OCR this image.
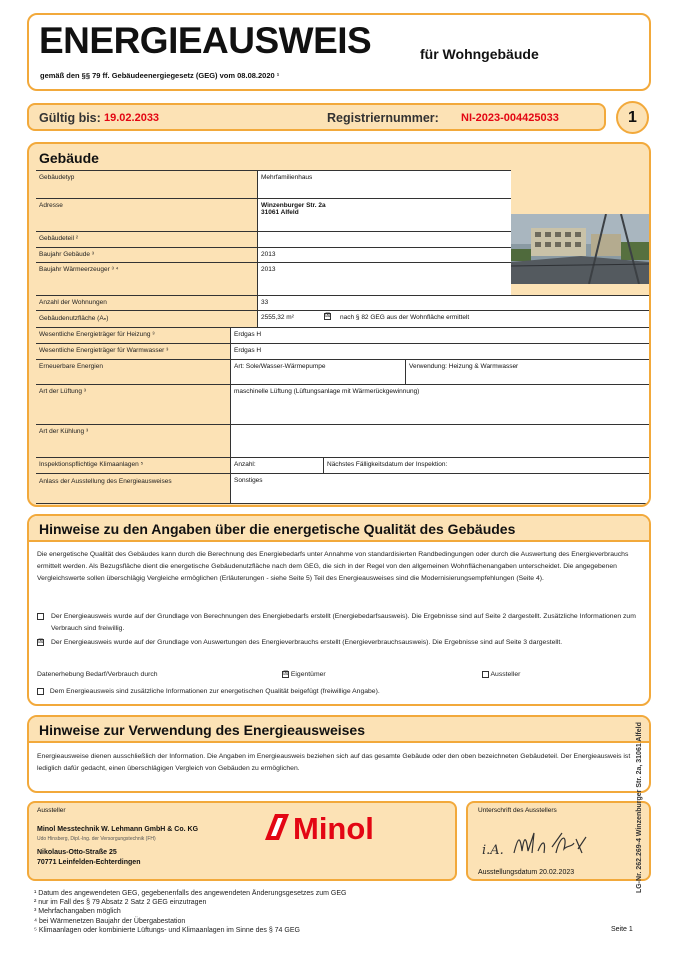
ENERGIEAUSWEIS	für Wohngebäude
gemäß den §§ 79 ff. Gebäudeenergiegesetz (GEG) vom 08.08.2020 ¹
Gültig bis: 19.02.2033	Registriernummer: NI-2023-004425033	1
Gebäude
Gebäudetyp	Mehrfamilienhaus
Adresse	Winzenburger Str. 2a
31061 Alfeld
Gebäudeteil ²
Baujahr Gebäude ³	2013
Baujahr Wärmeerzeuger ³ ⁴	2013
Anzahl der Wohnungen	33
Gebäudenutzfläche (Aₙ)	2555,32 m²	☒ nach § 82 GEG aus der Wohnfläche ermittelt
Wesentliche Energieträger für Heizung ³	Erdgas H
Wesentliche Energieträger für Warmwasser ³	Erdgas H
Erneuerbare Energien	Art: Sole/Wasser-Wärmepumpe	Verwendung: Heizung & Warmwasser
Art der Lüftung ³	maschinelle Lüftung (Lüftungsanlage mit Wärmerückgewinnung)
Art der Kühlung ³
Inspektionspflichtige Klimaanlagen ⁵	Anzahl:	Nächstes Fälligkeitsdatum der Inspektion:
Anlass der Ausstellung des Energieausweises	Sonstiges
Hinweise zu den Angaben über die energetische Qualität des Gebäudes
Die energetische Qualität des Gebäudes kann durch die Berechnung des Energiebedarfs unter Annahme von standardisierten Randbedingungen oder durch die Auswertung des Energieverbrauchs ermittelt werden. Als Bezugsfläche dient die energetische Gebäudenutzfläche nach dem GEG, die sich in der Regel von den allgemeinen Wohnflächenangaben unterscheidet. Die angegebenen Vergleichswerte sollen überschlägig Vergleiche ermöglichen (Erläuterungen - siehe Seite 5) Teil des Energieausweises sind die Modernisierungsempfehlungen (Seite 4).
Der Energieausweis wurde auf der Grundlage von Berechnungen des Energiebedarfs erstellt (Energiebedarfsausweis). Die Ergebnisse sind auf Seite 2 dargestellt. Zusätzliche Informationen zum Verbrauch sind freiwillig.
☒ Der Energieausweis wurde auf der Grundlage von Auswertungen des Energieverbrauchs erstellt (Energieverbrauchsausweis). Die Ergebnisse sind auf Seite 3 dargestellt.
Datenerhebung Bedarf/Verbrauch durch	☒ Eigentümer	Aussteller
Dem Energieausweis sind zusätzliche Informationen zur energetischen Qualität beigefügt (freiwillige Angabe).
Hinweise zur Verwendung des Energieausweises
Energieausweise dienen ausschließlich der Information. Die Angaben im Energieausweis beziehen sich auf das gesamte Gebäude oder den oben bezeichneten Gebäudeteil. Der Energieausweis ist lediglich dafür gedacht, einen überschlägigen Vergleich von Gebäuden zu ermöglichen.
Aussteller
Minol Messtechnik W. Lehmann GmbH & Co. KG
Udo Hinsberg, Dipl.-Ing. der Versorgungstechnik (FH)
Nikolaus-Otto-Straße 25
70771 Leinfelden-Echterdingen
Minol
Unterschrift des Ausstellers
i.A.
Ausstellungsdatum 20.02.2023	LG-Nr. 262.269-4 Winzenburger Str. 2a, 31061 Alfeld
¹ Datum des angewendeten GEG, gegebenenfalls des angewendeten Änderungsgesetzes zum GEG
² nur im Fall des § 79 Absatz 2 Satz 2 GEG einzutragen
³ Mehrfachangaben möglich
⁴ bei Wärmenetzen Baujahr der Übergabestation
⁵ Klimaanlagen oder kombinierte Lüftungs- und Klimaanlagen im Sinne des § 74 GEG	Seite 1
